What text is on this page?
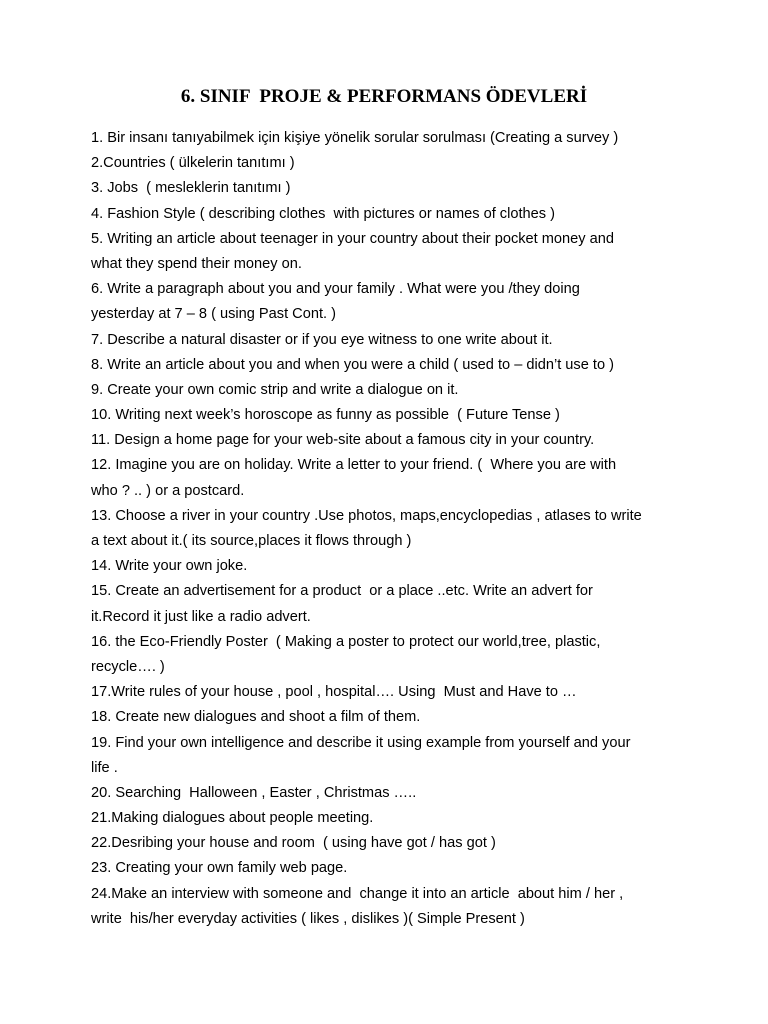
6. SINIF  PROJE & PERFORMANS ÖDEVLERİ
1. Bir insanı tanıyabilmek için kişiye yönelik sorular sorulması (Creating a survey )
2.Countries ( ülkelerin tanıtımı )
3. Jobs  ( mesleklerin tanıtımı )
4. Fashion Style ( describing clothes  with pictures or names of clothes )
5. Writing an article about teenager in your country about their pocket money and
what they spend their money on.
6. Write a paragraph about you and your family . What were you /they doing
yesterday at 7 – 8 ( using Past Cont. )
7. Describe a natural disaster or if you eye witness to one write about it.
8. Write an article about you and when you were a child ( used to – didn’t use to )
9. Create your own comic strip and write a dialogue on it.
10. Writing next week’s horoscope as funny as possible  ( Future Tense )
11. Design a home page for your web-site about a famous city in your country.
12. Imagine you are on holiday. Write a letter to your friend. (  Where you are with
who ? .. ) or a postcard.
13. Choose a river in your country .Use photos, maps,encyclopedias , atlases to write
a text about it.( its source,places it flows through )
14. Write your own joke.
15. Create an advertisement for a product  or a place ..etc. Write an advert for
it.Record it just like a radio advert.
16. the Eco-Friendly Poster  ( Making a poster to protect our world,tree, plastic,
recycle…. )
17.Write rules of your house , pool , hospital…. Using  Must and Have to …
18. Create new dialogues and shoot a film of them.
19. Find your own intelligence and describe it using example from yourself and your
life .
20. Searching  Halloween , Easter , Christmas …..
21.Making dialogues about people meeting.
22.Desribing your house and room  ( using have got / has got )
23. Creating your own family web page.
24.Make an interview with someone and  change it into an article  about him / her ,
write  his/her everyday activities ( likes , dislikes )( Simple Present )
